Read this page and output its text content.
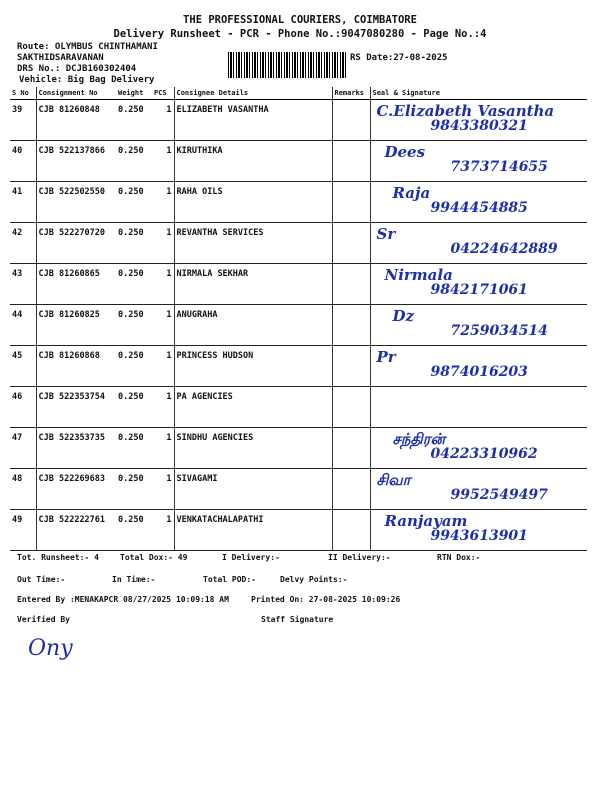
THE PROFESSIONAL COURIERS, COIMBATORE
Delivery Runsheet - PCR - Phone No.:9047080280 - Page No.:4
Route: OLYMBUS CHINTHAMANI
SAKTHIDSARAVANAN
DRS No.: DCJB160302404
Vehicle: Big Bag Delivery
RS Date:27-08-2025
S No	Consignment No	Weight	PCS	Consignee Details	Remarks	Seal & Signature
39	CJB 81260848	0.250	1	ELIZABETH VASANTHA		C.Elizabeth Vasantha
9843380321

40	CJB 522137866	0.250	1	KIRUTHIKA		Dees
7373714655

41	CJB 522502550	0.250	1	RAHA OILS		Raja
9944454885

42	CJB 522270720	0.250	1	REVANTHA SERVICES		Sr
04224642889

43	CJB 81260865	0.250	1	NIRMALA SEKHAR		Nirmala
9842171061

44	CJB 81260825	0.250	1	ANUGRAHA		Dz
7259034514

45	CJB 81260868	0.250	1	PRINCESS HUDSON		Pr
9874016203

46	CJB 522353754	0.250	1	PA AGENCIES		

47	CJB 522353735	0.250	1	SINDHU AGENCIES		சந்திரன்
04223310962

48	CJB 522269683	0.250	1	SIVAGAMI		சிவா
9952549497

49	CJB 522222761	0.250	1	VENKATACHALAPATHI		Ranjayam
9943613901
Tot. Runsheet:- 4	Total Dox:- 49	I Delivery:-	II Delivery:-	RTN Dox:-
Out Time:-	In Time:-	Total POD:-	Delvy Points:-
Entered By :MENAKAPCR 08/27/2025 10:09:18 AM	Printed On: 27-08-2025 10:09:26
Verified By	Staff Signature
Ony
